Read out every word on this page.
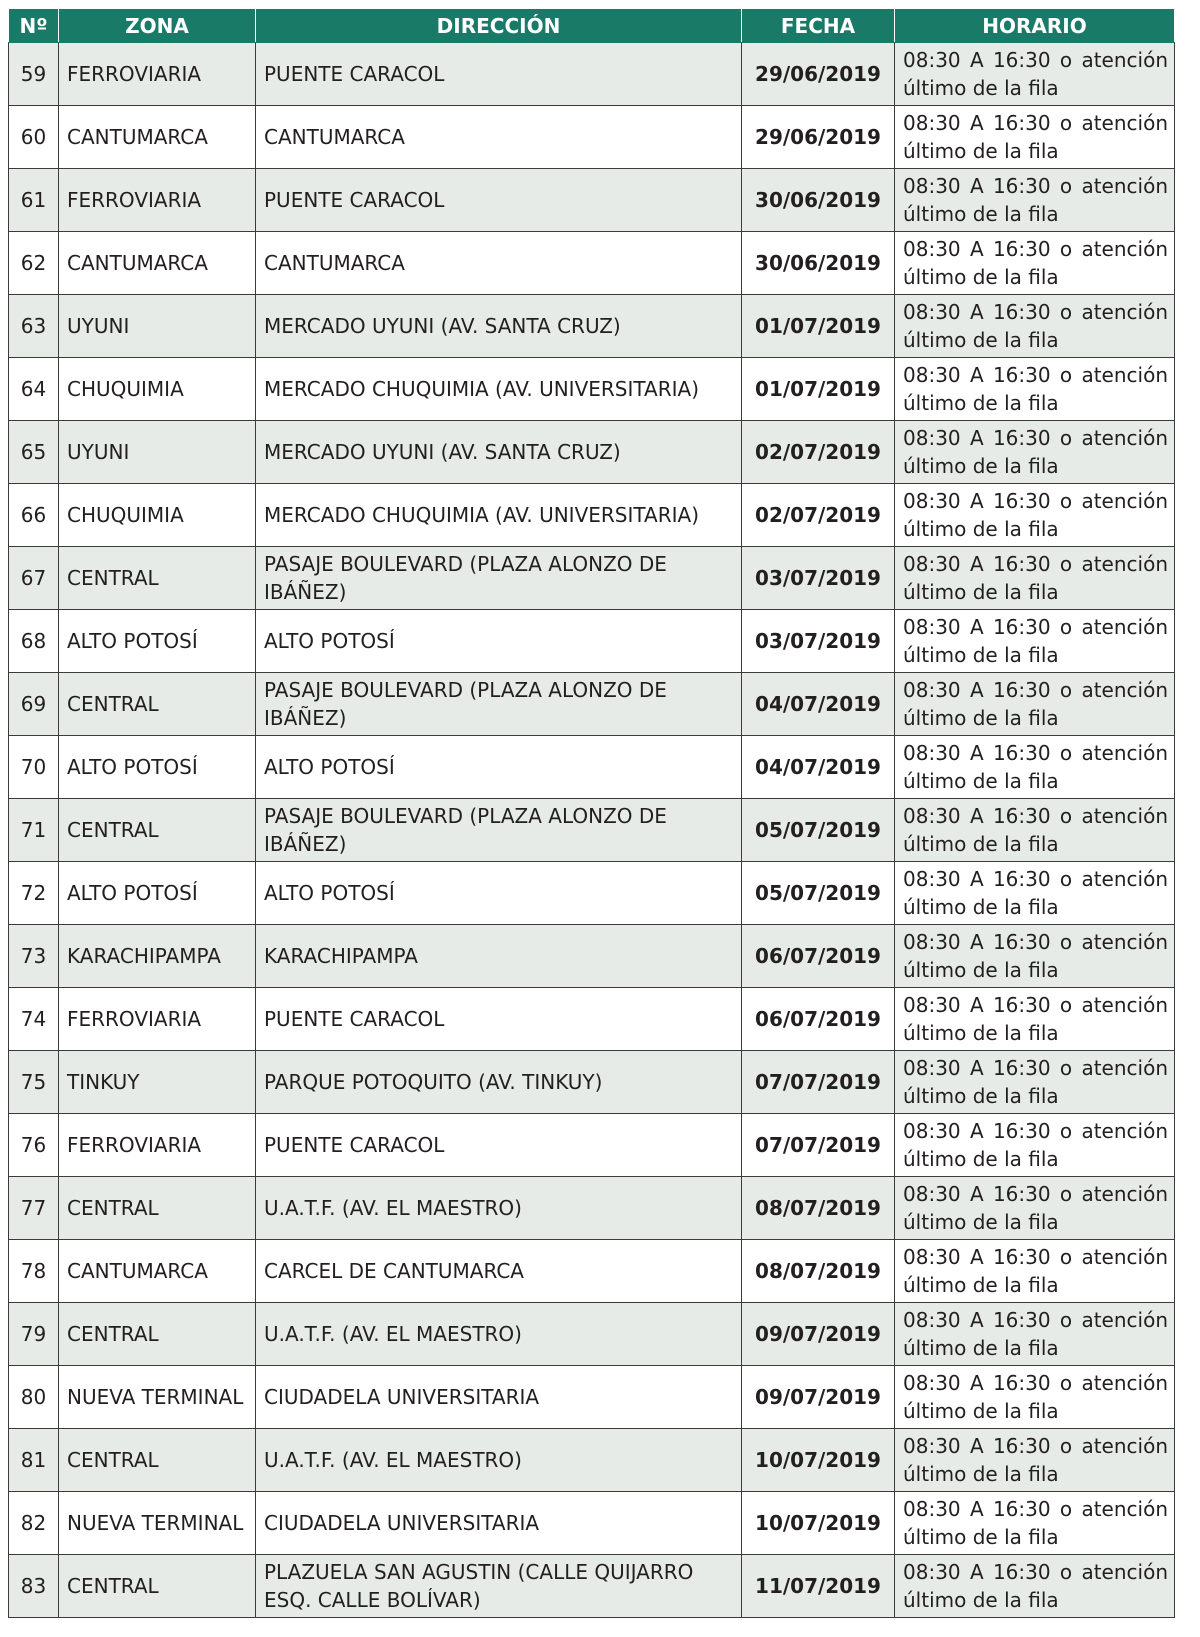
Nº	ZONA	DIRECCIÓN	FECHA	HORARIO
59	FERROVIARIA	PUENTE CARACOL	29/06/2019	08:30 A 16:30 o atención último de la fila
60	CANTUMARCA	CANTUMARCA	29/06/2019	08:30 A 16:30 o atención último de la fila
61	FERROVIARIA	PUENTE CARACOL	30/06/2019	08:30 A 16:30 o atención último de la fila
62	CANTUMARCA	CANTUMARCA	30/06/2019	08:30 A 16:30 o atención último de la fila
63	UYUNI	MERCADO UYUNI (AV. SANTA CRUZ)	01/07/2019	08:30 A 16:30 o atención último de la fila
64	CHUQUIMIA	MERCADO CHUQUIMIA (AV. UNIVERSITARIA)	01/07/2019	08:30 A 16:30 o atención último de la fila
65	UYUNI	MERCADO UYUNI (AV. SANTA CRUZ)	02/07/2019	08:30 A 16:30 o atención último de la fila
66	CHUQUIMIA	MERCADO CHUQUIMIA (AV. UNIVERSITARIA)	02/07/2019	08:30 A 16:30 o atención último de la fila
67	CENTRAL	PASAJE BOULEVARD (PLAZA ALONZO DE IBÁÑEZ)	03/07/2019	08:30 A 16:30 o atención último de la fila
68	ALTO POTOSÍ	ALTO POTOSÍ	03/07/2019	08:30 A 16:30 o atención último de la fila
69	CENTRAL	PASAJE BOULEVARD (PLAZA ALONZO DE IBÁÑEZ)	04/07/2019	08:30 A 16:30 o atención último de la fila
70	ALTO POTOSÍ	ALTO POTOSÍ	04/07/2019	08:30 A 16:30 o atención último de la fila
71	CENTRAL	PASAJE BOULEVARD (PLAZA ALONZO DE IBÁÑEZ)	05/07/2019	08:30 A 16:30 o atención último de la fila
72	ALTO POTOSÍ	ALTO POTOSÍ	05/07/2019	08:30 A 16:30 o atención último de la fila
73	KARACHIPAMPA	KARACHIPAMPA	06/07/2019	08:30 A 16:30 o atención último de la fila
74	FERROVIARIA	PUENTE CARACOL	06/07/2019	08:30 A 16:30 o atención último de la fila
75	TINKUY	PARQUE POTOQUITO (AV. TINKUY)	07/07/2019	08:30 A 16:30 o atención último de la fila
76	FERROVIARIA	PUENTE CARACOL	07/07/2019	08:30 A 16:30 o atención último de la fila
77	CENTRAL	U.A.T.F. (AV. EL MAESTRO)	08/07/2019	08:30 A 16:30 o atención último de la fila
78	CANTUMARCA	CARCEL DE CANTUMARCA	08/07/2019	08:30 A 16:30 o atención último de la fila
79	CENTRAL	U.A.T.F. (AV. EL MAESTRO)	09/07/2019	08:30 A 16:30 o atención último de la fila
80	NUEVA TERMINAL	CIUDADELA UNIVERSITARIA	09/07/2019	08:30 A 16:30 o atención último de la fila
81	CENTRAL	U.A.T.F. (AV. EL MAESTRO)	10/07/2019	08:30 A 16:30 o atención último de la fila
82	NUEVA TERMINAL	CIUDADELA UNIVERSITARIA	10/07/2019	08:30 A 16:30 o atención último de la fila
83	CENTRAL	PLAZUELA SAN AGUSTIN (CALLE QUIJARRO ESQ. CALLE BOLÍVAR)	11/07/2019	08:30 A 16:30 o atención último de la fila
